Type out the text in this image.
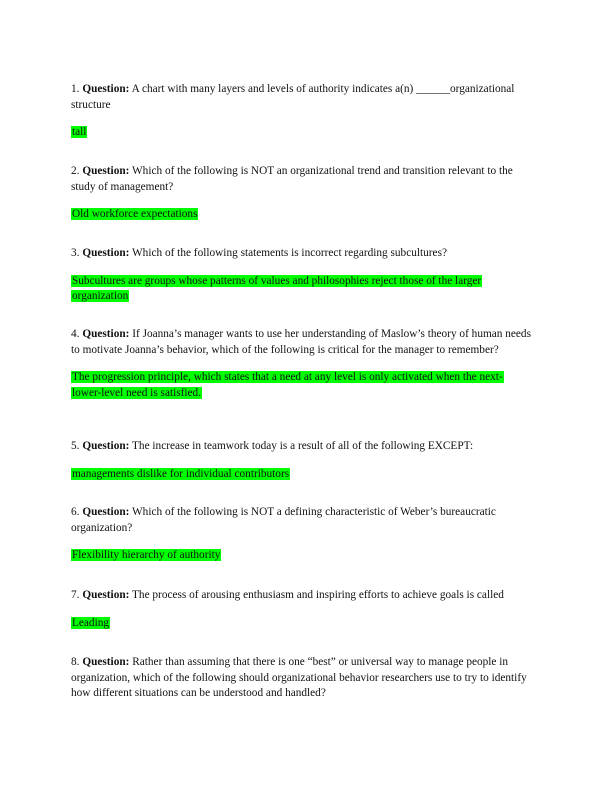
1. Question: A chart with many layers and levels of authority indicates a(n) ______organizational structure

tall

2. Question: Which of the following is NOT an organizational trend and transition relevant to the study of management?

Old workforce expectations

3. Question: Which of the following statements is incorrect regarding subcultures?

Subcultures are groups whose patterns of values and philosophies reject those of the larger organization

4. Question: If Joanna’s manager wants to use her understanding of Maslow’s theory of human needs to motivate Joanna’s behavior, which of the following is critical for the manager to remember?

The progression principle, which states that a need at any level is only activated when the next-lower-level need is satisfied.

5. Question: The increase in teamwork today is a result of all of the following EXCEPT:

managements dislike for individual contributors

6. Question: Which of the following is NOT a defining characteristic of Weber’s bureaucratic organization?

Flexibility hierarchy of authority

7. Question: The process of arousing enthusiasm and inspiring efforts to achieve goals is called

Leading

8. Question: Rather than assuming that there is one “best” or universal way to manage people in organization, which of the following should organizational behavior researchers use to try to identify how different situations can be understood and handled?
